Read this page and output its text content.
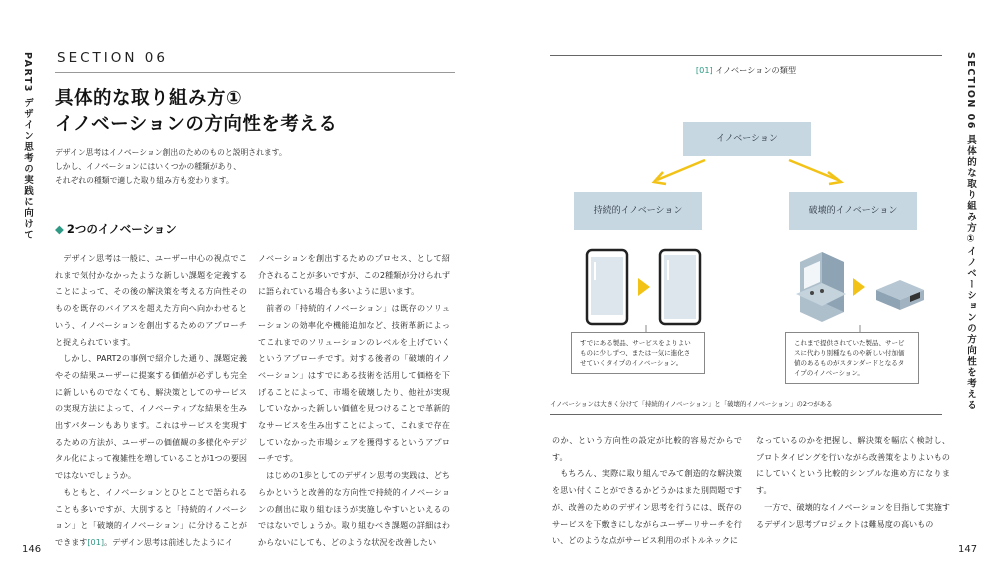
PART3 デザイン思考の実践に向けて SECTION 06
具体的な取り組み方①
イノベーションの方向性を考える
デザイン思考はイノベーション創出のためのものと説明されます。
しかし、イノベーションにはいくつかの種類があり、
それぞれの種類で適した取り組み方も変わります。
◆ 2つのイノベーション

デザイン思考は一般に、ユーザー中心の視点でこれまで気付かなかったような新しい課題を定義することによって、その後の解決策を考える方向性そのものを既存のバイアスを超えた方向へ向かわせるという、イノベーションを創出するためのアプローチと捉えられています。

しかし、PART2の事例で紹介した通り、課題定義やその結果ユーザーに提案する価値が必ずしも完全に新しいものでなくても、解決策としてのサービスの実現方法によって、イノベーティブな結果を生み出すパターンもあります。これはサービスを実現するための方法が、ユーザーの価値観の多様化やデジタル化によって複雑性を増していることが1つの要因ではないでしょうか。

もともと、イノベーションとひとことで語られることも多いですが、大別すると「持続的イノベーション」と「破壊的イノベーション」に分けることができます[01]。デザイン思考は前述したようにイ

ノベーションを創出するためのプロセス、として紹介されることが多いですが、この2種類が分けられずに語られている場合も多いように思います。

前者の「持続的イノベーション」は既存のソリューションの効率化や機能追加など、技術革新によってこれまでのソリューションのレベルを上げていくというアプローチです。対する後者の「破壊的イノベーション」はすでにある技術を活用して価格を下げることによって、市場を破壊したり、他社が実現していなかった新しい価値を見つけることで革新的なサービスを生み出すことによって、これまで存在していなかった市場シェアを獲得するというアプローチです。

はじめの1歩としてのデザイン思考の実践は、どちらかというと改善的な方向性で持続的イノベーションの創出に取り組むほうが実施しやすいといえるのではないでしょうか。取り組むべき課題の詳細はわからないにしても、どのような状況を改善したい

146
SECTION 06 具体的な取り組み方①イノベーションの方向性を考える
[01] イノベーションの類型
イノベーション
持続的イノベーション	破壊的イノベーション
すでにある製品、サービスをよりよいものに少しずつ、または一気に進化させていくタイプのイノベーション。
これまで提供されていた製品、サービスに代わり別種なものや新しい付加価値のあるものがスタンダードとなるタイプのイノベーション。
イノベーションは大きく分けて「持続的イノベーション」と「破壊的イノベーション」の2つがある

のか、という方向性の設定が比較的容易だからです。

もちろん、実際に取り組んでみて創造的な解決策を思い付くことができるかどうかはまた別問題ですが、改善のためのデザイン思考を行うには、既存のサービスを下敷きにしながらユーザーリサーチを行い、どのような点がサービス利用のボトルネックに

なっているのかを把握し、解決策を幅広く検討し、プロトタイピングを行いながら改善策をよりよいものにしていくという比較的シンプルな進め方になります。

一方で、破壊的なイノベーションを目指して実施するデザイン思考プロジェクトは難易度の高いもの

147
